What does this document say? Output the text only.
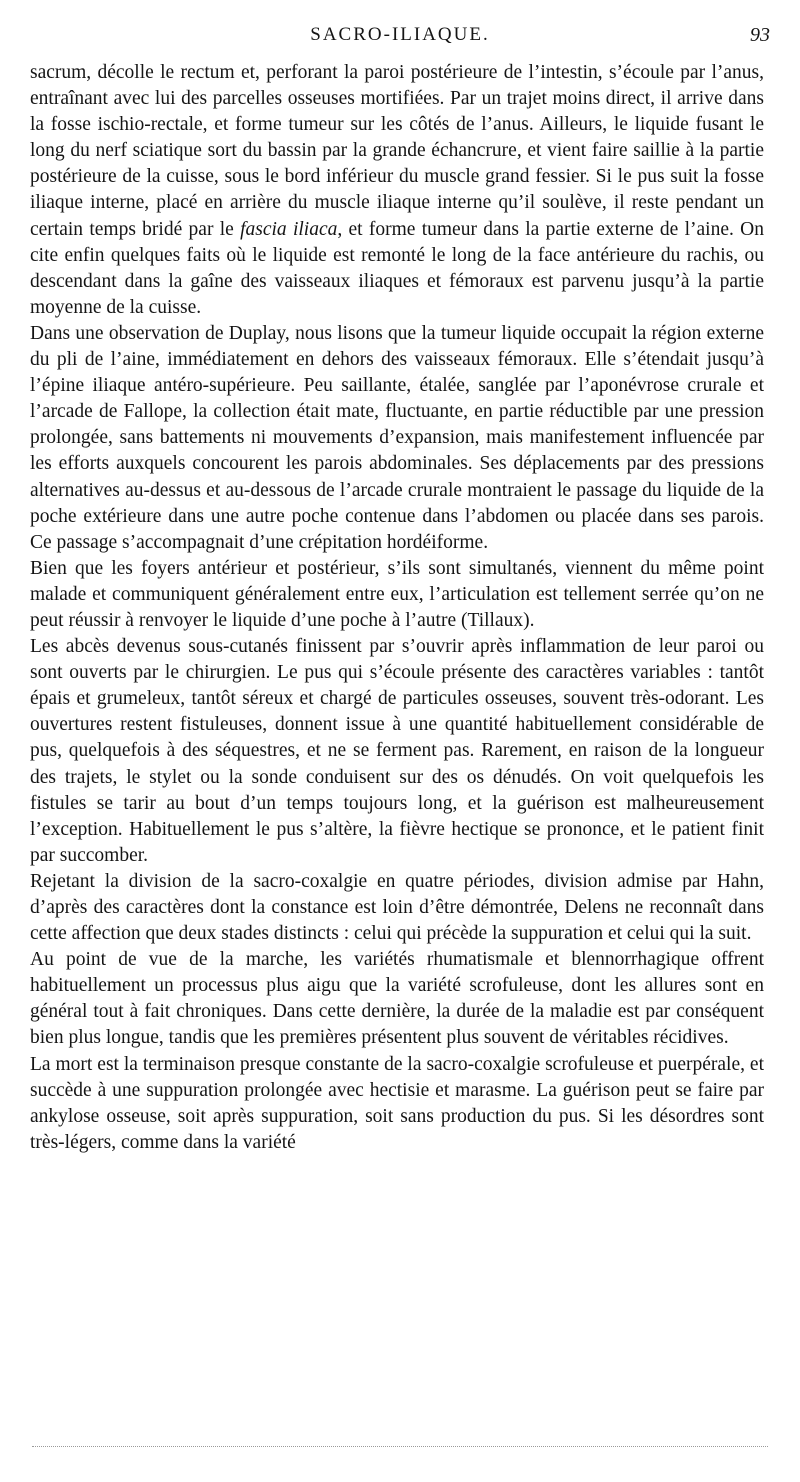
SACRO-ILIAQUE.	93

sacrum, décolle le rectum et, perforant la paroi postérieure de l’intestin, s’écoule par l’anus, entraînant avec lui des parcelles osseuses mortifiées. Par un trajet moins direct, il arrive dans la fosse ischio-rectale, et forme tumeur sur les côtés de l’anus. Ailleurs, le liquide fusant le long du nerf sciatique sort du bassin par la grande échancrure, et vient faire saillie à la partie postérieure de la cuisse, sous le bord inférieur du muscle grand fessier. Si le pus suit la fosse iliaque interne, placé en arrière du muscle iliaque interne qu’il soulève, il reste pendant un certain temps bridé par le fascia iliaca, et forme tumeur dans la partie externe de l’aine. On cite enfin quelques faits où le liquide est remonté le long de la face antérieure du rachis, ou descendant dans la gaîne des vaisseaux iliaques et fémoraux est parvenu jusqu’à la partie moyenne de la cuisse.

Dans une observation de Duplay, nous lisons que la tumeur liquide occupait la région externe du pli de l’aine, immédiatement en dehors des vaisseaux fémoraux. Elle s’étendait jusqu’à l’épine iliaque antéro-supérieure. Peu saillante, étalée, sanglée par l’aponévrose crurale et l’arcade de Fallope, la collection était mate, fluctuante, en partie réductible par une pression prolongée, sans battements ni mouvements d’expansion, mais manifestement influencée par les efforts auxquels concourent les parois abdominales. Ses déplacements par des pressions alternatives au-dessus et au-dessous de l’arcade crurale montraient le passage du liquide de la poche extérieure dans une autre poche contenue dans l’abdomen ou placée dans ses parois. Ce passage s’accompagnait d’une crépitation hordéiforme.

Bien que les foyers antérieur et postérieur, s’ils sont simultanés, viennent du même point malade et communiquent généralement entre eux, l’articulation est tellement serrée qu’on ne peut réussir à renvoyer le liquide d’une poche à l’autre (Tillaux).

Les abcès devenus sous-cutanés finissent par s’ouvrir après inflammation de leur paroi ou sont ouverts par le chirurgien. Le pus qui s’écoule présente des caractères variables : tantôt épais et grumeleux, tantôt séreux et chargé de particules osseuses, souvent très-odorant. Les ouvertures restent fistuleuses, donnent issue à une quantité habituellement considérable de pus, quelquefois à des séquestres, et ne se ferment pas. Rarement, en raison de la longueur des trajets, le stylet ou la sonde conduisent sur des os dénudés. On voit quelquefois les fistules se tarir au bout d’un temps toujours long, et la guérison est malheureusement l’exception. Habituellement le pus s’altère, la fièvre hectique se prononce, et le patient finit par succomber.

Rejetant la division de la sacro-coxalgie en quatre périodes, division admise par Hahn, d’après des caractères dont la constance est loin d’être démontrée, Delens ne reconnaît dans cette affection que deux stades distincts : celui qui précède la suppuration et celui qui la suit.

Au point de vue de la marche, les variétés rhumatismale et blennorrhagique offrent habituellement un processus plus aigu que la variété scrofuleuse, dont les allures sont en général tout à fait chroniques. Dans cette dernière, la durée de la maladie est par conséquent bien plus longue, tandis que les premières présentent plus souvent de véritables récidives.

La mort est la terminaison presque constante de la sacro-coxalgie scrofuleuse et puerpérale, et succède à une suppuration prolongée avec hectisie et marasme. La guérison peut se faire par ankylose osseuse, soit après suppuration, soit sans production du pus. Si les désordres sont très-légers, comme dans la variété
